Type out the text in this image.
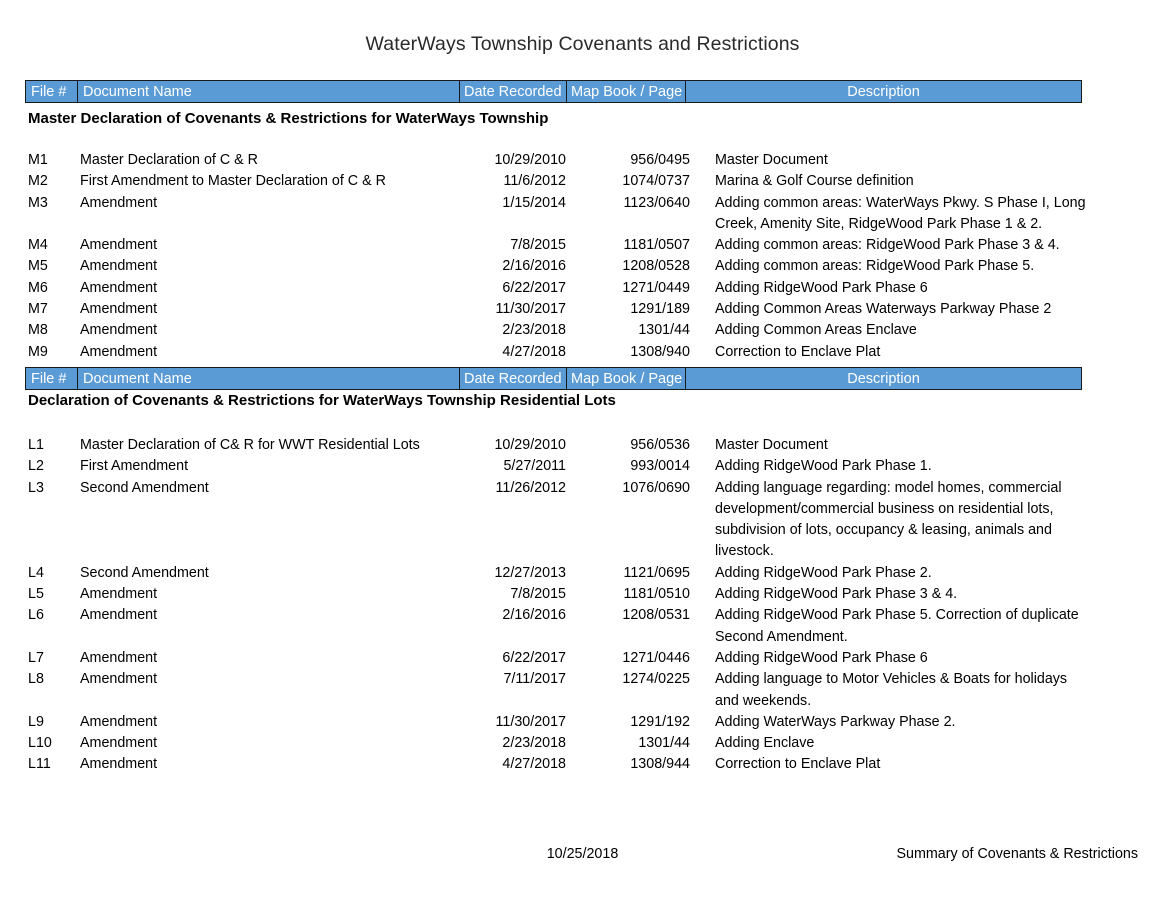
WaterWays Township Covenants and Restrictions
File #	Document Name	Date Recorded Map Book / Page	Description
Master Declaration of Covenants & Restrictions for WaterWays Township
M1	Master Declaration of C & R	10/29/2010	956/0495 Master Document
M2	First Amendment to Master Declaration of C & R	11/6/2012	1074/0737 Marina & Golf Course definition
M3	Amendment	1/15/2014	1123/0640 Adding common areas: WaterWays Pkwy. S Phase I, Long
Creek, Amenity Site, RidgeWood Park Phase 1 & 2.
M4	Amendment	7/8/2015	1181/0507 Adding common areas: RidgeWood Park Phase 3 & 4.
M5	Amendment	2/16/2016	1208/0528 Adding common areas: RidgeWood Park Phase 5.
M6	Amendment	6/22/2017	1271/0449 Adding RidgeWood Park Phase 6
M7	Amendment	11/30/2017	1291/189 Adding Common Areas Waterways Parkway Phase 2
M8	Amendment	2/23/2018	1301/44 Adding Common Areas Enclave
M9	Amendment	4/27/2018	1308/940 Correction to Enclave Plat
File #	Document Name	Date Recorded Map Book / Page	Description
Declaration of Covenants & Restrictions for WaterWays Township Residential Lots
L1	Master Declaration of C& R for WWT Residential Lots	10/29/2010	956/0536 Master Document
L2	First Amendment	5/27/2011	993/0014 Adding RidgeWood Park Phase 1.
L3	Second Amendment	11/26/2012	1076/0690 Adding language regarding: model homes, commercial
development/commercial business on residential lots,
subdivision of lots, occupancy & leasing, animals and
livestock.
L4	Second Amendment	12/27/2013	1121/0695 Adding RidgeWood Park Phase 2.
L5	Amendment	7/8/2015	1181/0510 Adding RidgeWood Park Phase 3 & 4.
L6	Amendment	2/16/2016	1208/0531 Adding RidgeWood Park Phase 5. Correction of duplicate
Second Amendment.
L7	Amendment	6/22/2017	1271/0446 Adding RidgeWood Park Phase 6
L8	Amendment	7/11/2017	1274/0225 Adding language to Motor Vehicles & Boats for holidays
and weekends.
L9	Amendment	11/30/2017	1291/192 Adding WaterWays Parkway Phase 2.
L10	Amendment	2/23/2018	1301/44 Adding Enclave
L11	Amendment	4/27/2018	1308/944 Correction to Enclave Plat
10/25/2018	Summary of Covenants & Restrictions
